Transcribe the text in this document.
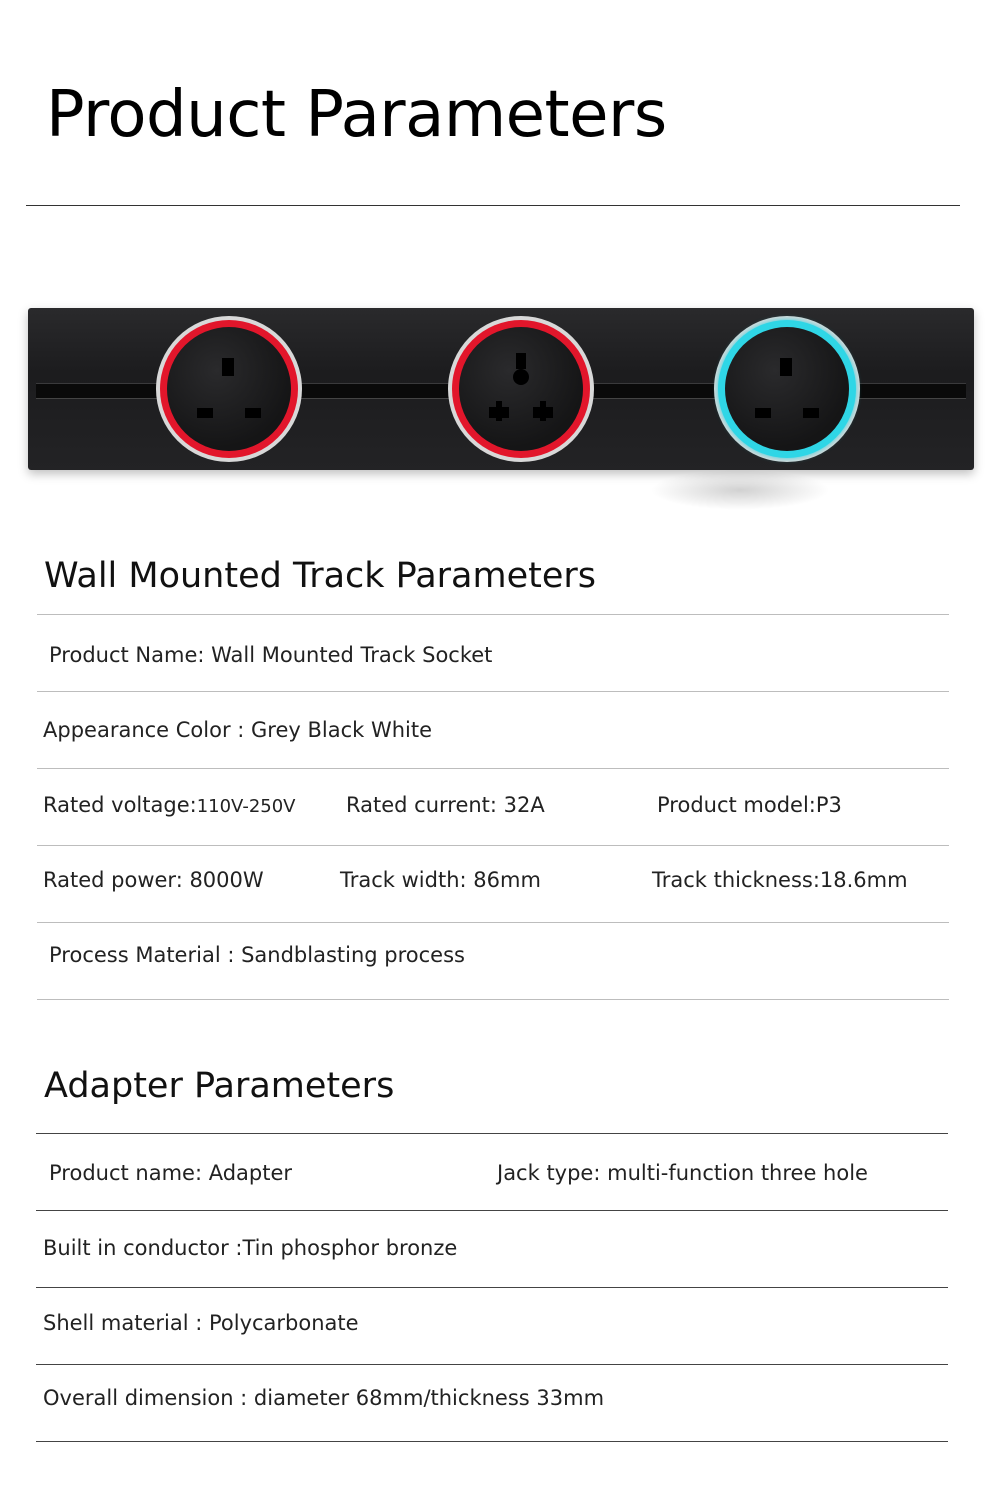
Product Parameters
Wall Mounted Track Parameters
Product Name: Wall Mounted Track Socket
Appearance Color : Grey Black White
Rated voltage:110V-250V Rated current: 32A	Product model:P3
Rated power: 8000W	Track width: 86mm	Track thickness:18.6mm
Process Material : Sandblasting process
Adapter Parameters
Product name: Adapter	Jack type: multi-function three hole
Built in conductor :Tin phosphor bronze
Shell material : Polycarbonate
Overall dimension : diameter 68mm/thickness 33mm
